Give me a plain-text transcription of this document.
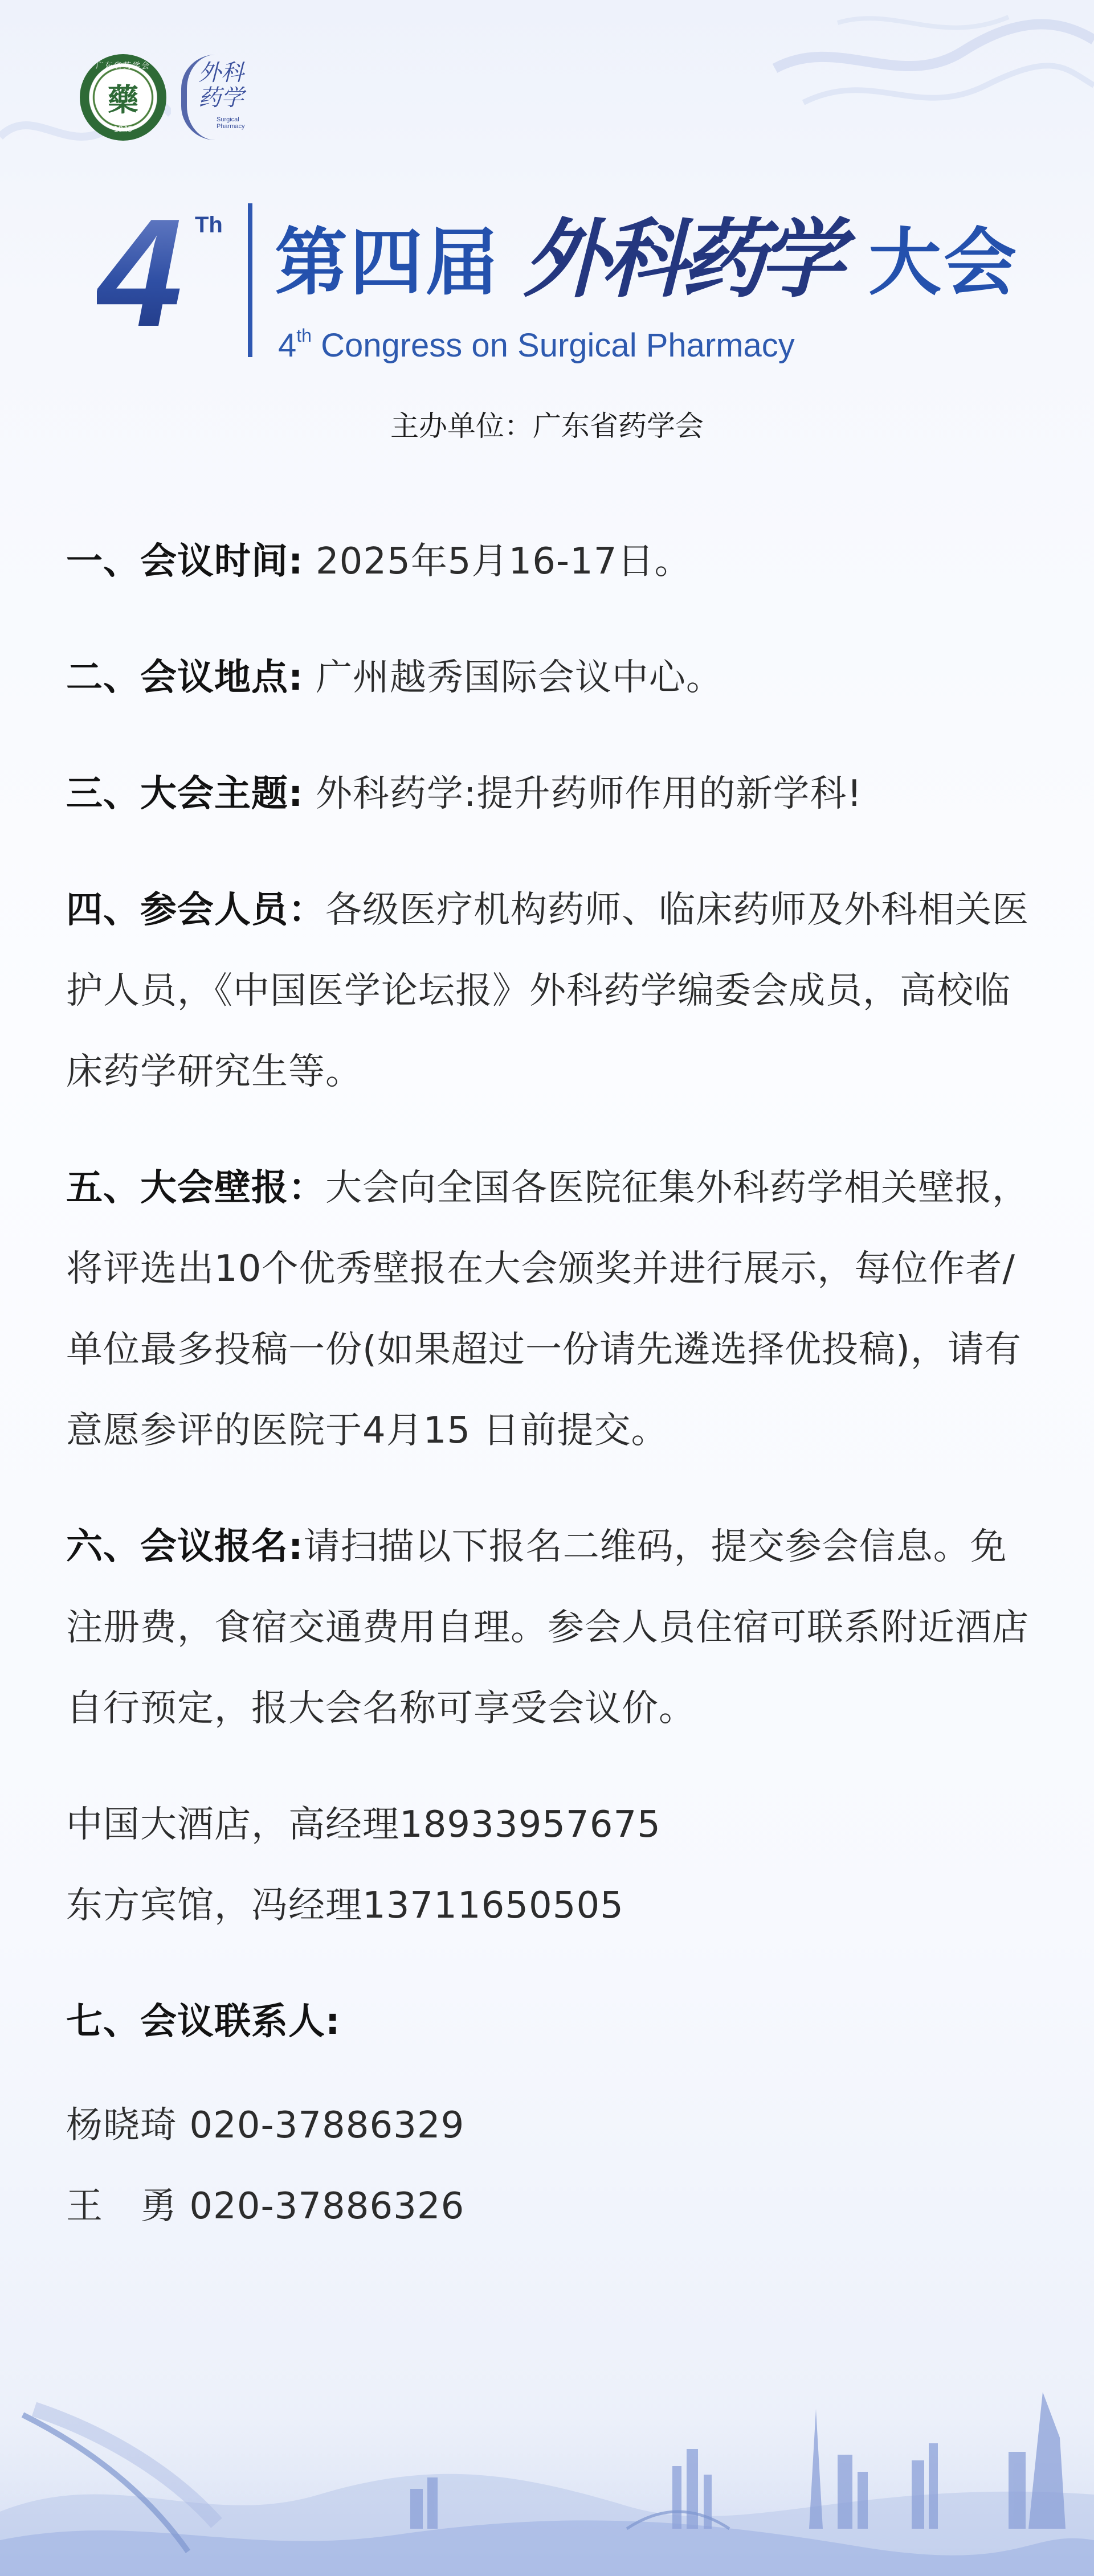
广东省药学会
藥
1945
外科药学
Surgical Pharmacy
4 Th 第四届 外科药学 大会
4th Congress on Surgical Pharmacy
主办单位：广东省药学会

一、会议时间: 2025年5月16-17日。

二、会议地点: 广州越秀国际会议中心。

三、大会主题: 外科药学:提升药师作用的新学科!

四、参会人员：各级医疗机构药师、临床药师及外科相关医护人员，《中国医学论坛报》外科药学编委会成员，高校临床药学研究生等。

五、大会壁报：大会向全国各医院征集外科药学相关壁报，将评选出10个优秀壁报在大会颁奖并进行展示，每位作者/单位最多投稿一份(如果超过一份请先遴选择优投稿)，请有意愿参评的医院于4月15 日前提交。

六、会议报名:请扫描以下报名二维码，提交参会信息。免注册费，食宿交通费用自理。参会人员住宿可联系附近酒店自行预定，报大会名称可享受会议价。

中国大酒店，高经理18933957675

东方宾馆，冯经理13711650505

七、会议联系人:

杨晓琦 020-37886329

王　勇 020-37886326
